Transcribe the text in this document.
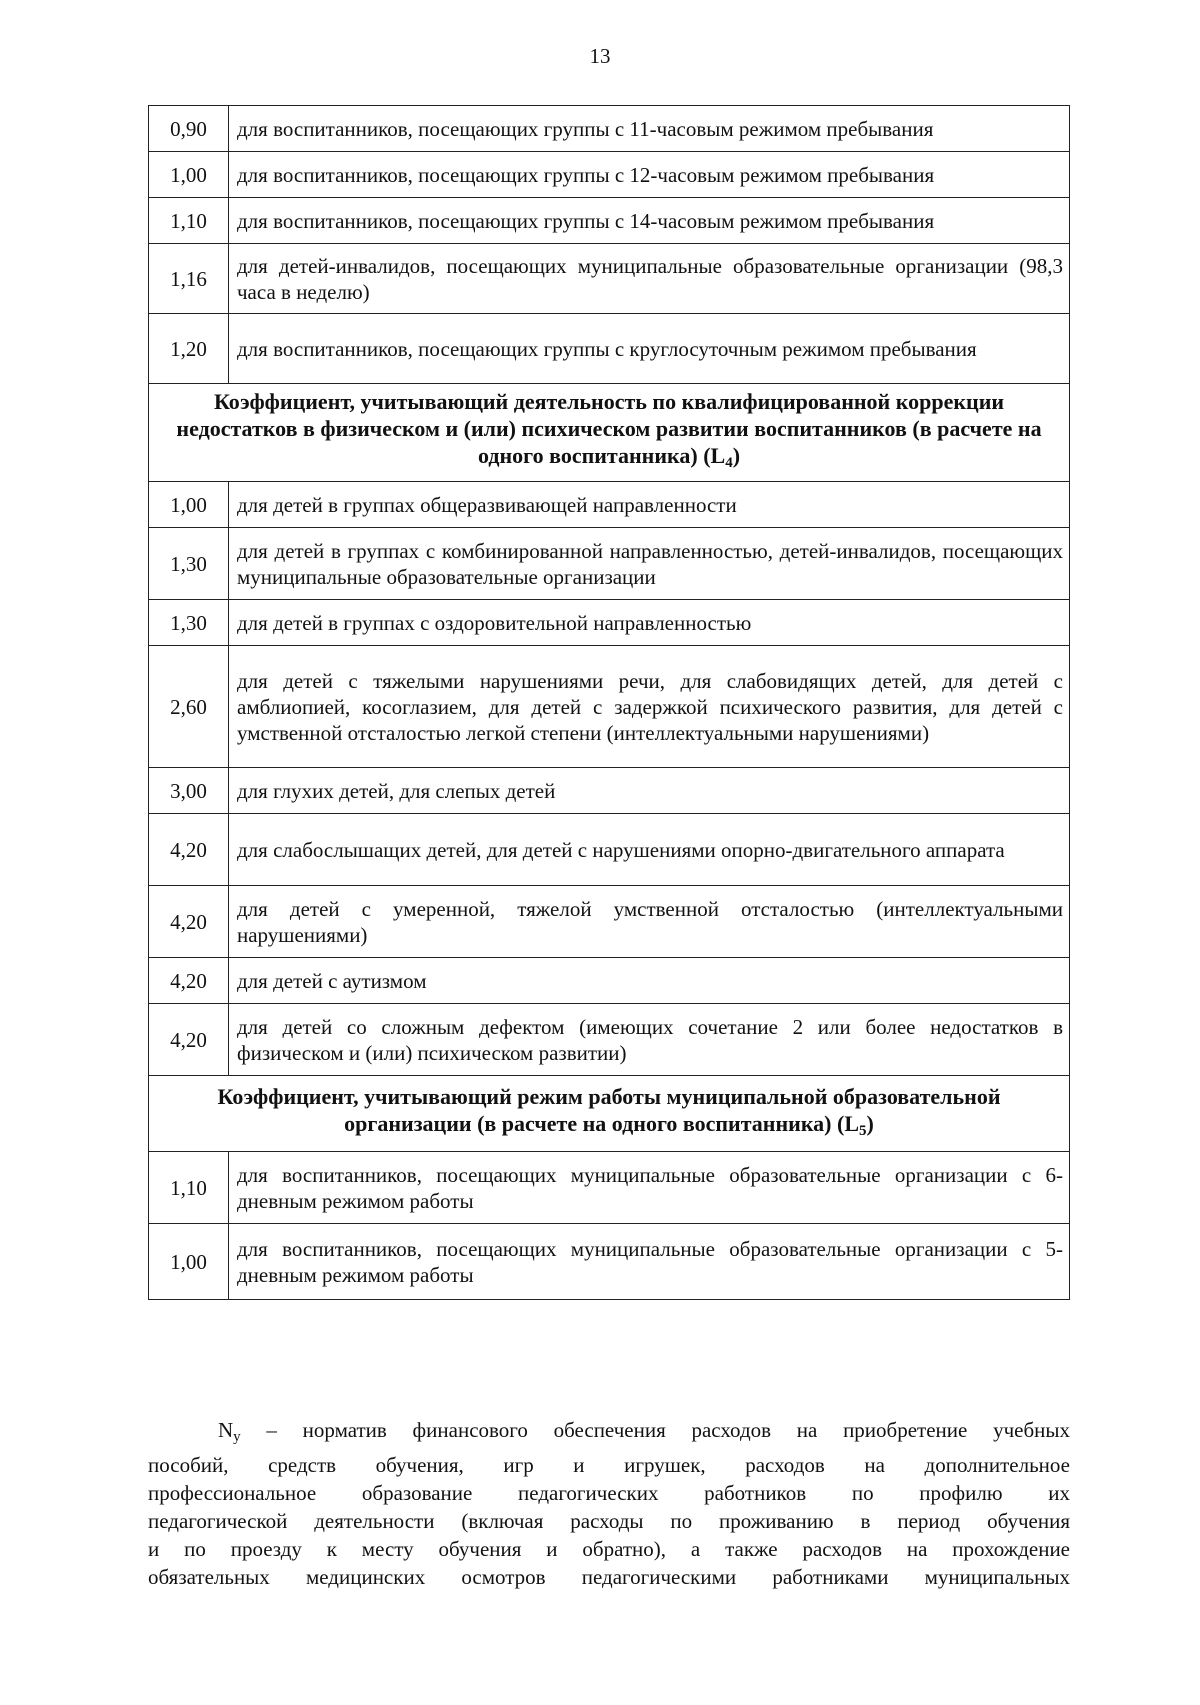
13
0,90	для воспитанников, посещающих группы с 11-часовым режимом пребывания
1,00	для воспитанников, посещающих группы с 12-часовым режимом пребывания
1,10	для воспитанников, посещающих группы с 14-часовым режимом пребывания
1,16	для детей-инвалидов, посещающих муниципальные образовательные организации (98,3 часа в неделю)
1,20	для воспитанников, посещающих группы с круглосуточным режимом пребывания
Коэффициент, учитывающий деятельность по квалифицированной коррекции недостатков в физическом и (или) психическом развитии воспитанников (в расчете на одного воспитанника) $(L_4)$	
1,00	для детей в группах общеразвивающей направленности
1,30	для детей в группах с комбинированной направленностью, детей-инвалидов, посещающих муниципальные образовательные организации
1,30	для детей в группах с оздоровительной направленностью
2,60	для детей с тяжелыми нарушениями речи, для слабовидящих детей, для детей с амблиопией, косоглазием, для детей с задержкой психического развития, для детей с умственной отсталостью легкой степени (интеллектуальными нарушениями)
3,00	для глухих детей, для слепых детей
4,20	для слабослышащих детей, для детей с нарушениями опорно-двигательного аппарата
4,20	для детей с умеренной, тяжелой умственной отсталостью (интеллектуальными нарушениями)
4,20	для детей с аутизмом
4,20	для детей со сложным дефектом (имеющих сочетание 2 или более недостатков в физическом и (или) психическом развитии)
Коэффициент, учитывающий режим работы муниципальной образовательной организации (в расчете на одного воспитанника) $(L_5)$	
1,10	для воспитанников, посещающих муниципальные образовательные организации с 6-дневным режимом работы
1,00	для воспитанников, посещающих муниципальные образовательные организации с 5-дневным режимом работы
$N_у$ – норматив финансового обеспечения расходов на приобретение учебных
пособий, средств обучения, игр и игрушек, расходов на дополнительное
профессиональное образование педагогических работников по профилю их
педагогической деятельности (включая расходы по проживанию в период обучения
и по проезду к месту обучения и обратно), а также расходов на прохождение
обязательных медицинских осмотров педагогическими работниками муниципальных
